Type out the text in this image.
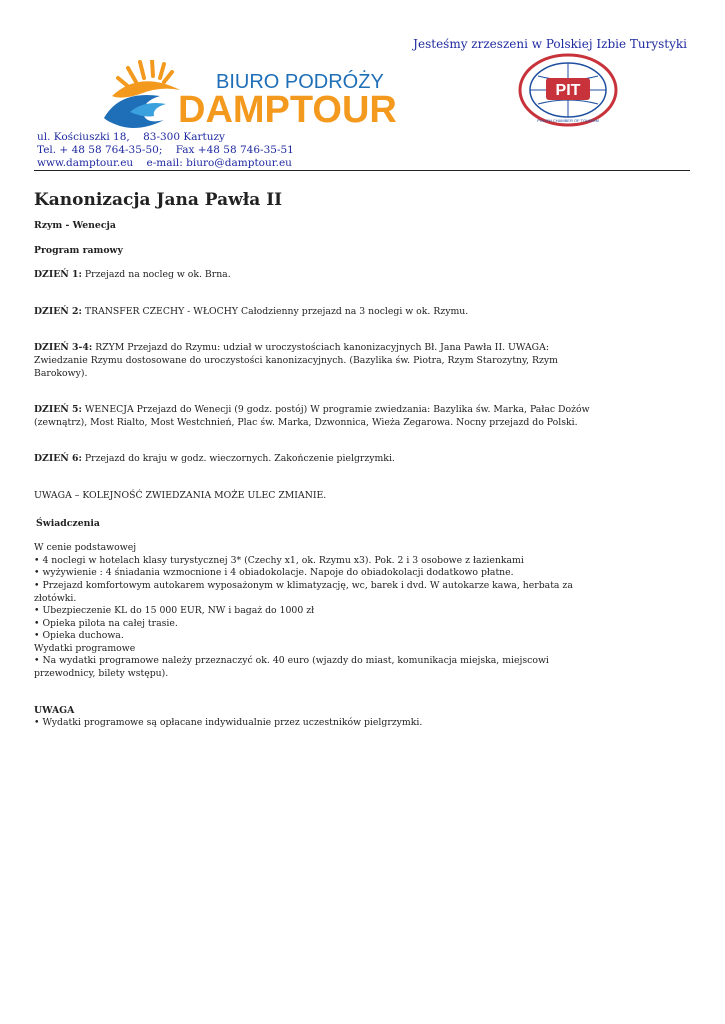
Jesteśmy zrzeszeni w Polskiej Izbie Turystyki
BIURO PODRÓŻY
DAMPTOUR	PIT
POLISH CHAMBER OF TOURISM
ul. Kościuszki 18,    83-300 Kartuzy
Tel. + 48 58 764-35-50;    Fax +48 58 746-35-51
www.damptour.eu    e-mail: biuro@damptour.eu
Kanonizacja Jana Pawła II

Rzym - Wenecja

Program ramowy

DZIEŃ 1: Przejazd na nocleg w ok. Brna.

DZIEŃ 2: TRANSFER CZECHY - WŁOCHY Całodzienny przejazd na 3 noclegi w ok. Rzymu.

DZIEŃ 3-4: RZYM Przejazd do Rzymu: udział w uroczystościach kanonizacyjnych Bł. Jana Pawła II. UWAGA: Zwiedzanie Rzymu dostosowane do uroczystości kanonizacyjnych. (Bazylika św. Piotra, Rzym Starozytny, Rzym Barokowy).

DZIEŃ 5: WENECJA Przejazd do Wenecji (9 godz. postój) W programie zwiedzania: Bazylika św. Marka, Pałac Dożów (zewnątrz), Most Rialto, Most Westchnień, Plac św. Marka, Dzwonnica, Wieża Zegarowa. Nocny przejazd do Polski.

DZIEŃ 6: Przejazd do kraju w godz. wieczornych. Zakończenie pielgrzymki.

UWAGA – KOLEJNOŚĆ ZWIEDZANIA MOŻE ULEC ZMIANIE.

Świadczenia

W cenie podstawowej

• 4 noclegi w hotelach klasy turystycznej 3* (Czechy x1, ok. Rzymu x3). Pok. 2 i 3 osobowe z łazienkami

• wyżywienie : 4 śniadania wzmocnione i 4 obiadokolacje. Napoje do obiadokolacji dodatkowo płatne.

• Przejazd komfortowym autokarem wyposażonym w klimatyzację, wc, barek i dvd. W autokarze kawa, herbata za złotówki.

• Ubezpieczenie KL do 15 000 EUR, NW i bagaż do 1000 zł

• Opieka pilota na całej trasie.

• Opieka duchowa.

Wydatki programowe

• Na wydatki programowe należy przeznaczyć ok. 40 euro (wjazdy do miast, komunikacja miejska, miejscowi przewodnicy, bilety wstępu).

UWAGA

• Wydatki programowe są opłacane indywidualnie przez uczestników pielgrzymki.
